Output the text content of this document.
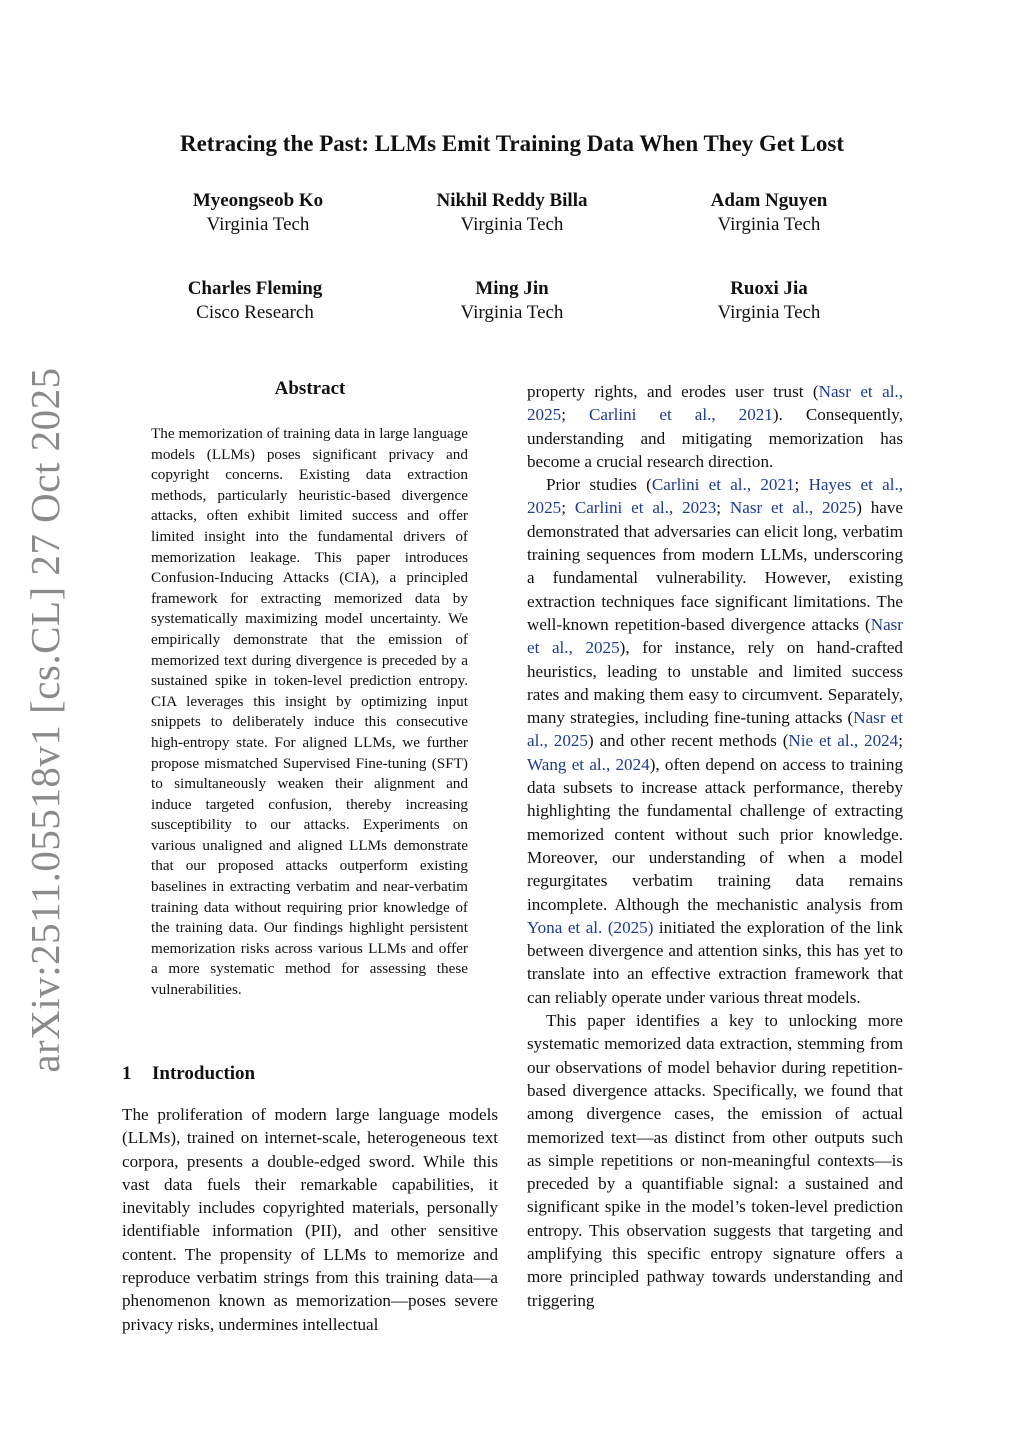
arXiv:2511.05518v1 [cs.CL] 27 Oct 2025
Retracing the Past: LLMs Emit Training Data When They Get Lost
Myeongseob Ko
Virginia Tech
Nikhil Reddy Billa
Virginia Tech
Adam Nguyen
Virginia Tech
Charles Fleming
Cisco Research
Ming Jin
Virginia Tech
Ruoxi Jia
Virginia Tech
Abstract
The memorization of training data in large language models (LLMs) poses significant privacy and copyright concerns. Existing data extraction methods, particularly heuristic-based divergence attacks, often exhibit limited success and offer limited insight into the fundamental drivers of memorization leakage. This paper introduces Confusion-Inducing Attacks (CIA), a principled framework for extracting memorized data by systematically maximizing model uncertainty. We empirically demonstrate that the emission of memorized text during divergence is preceded by a sustained spike in token-level prediction entropy. CIA leverages this insight by optimizing input snippets to deliberately induce this consecutive high-entropy state. For aligned LLMs, we further propose mismatched Supervised Fine-tuning (SFT) to simultaneously weaken their alignment and induce targeted confusion, thereby increasing susceptibility to our attacks. Experiments on various unaligned and aligned LLMs demonstrate that our proposed attacks outperform existing baselines in extracting verbatim and near-verbatim training data without requiring prior knowledge of the training data. Our findings highlight persistent memorization risks across various LLMs and offer a more systematic method for assessing these vulnerabilities.
1 Introduction
The proliferation of modern large language models (LLMs), trained on internet-scale, heterogeneous text corpora, presents a double-edged sword. While this vast data fuels their remarkable capabilities, it inevitably includes copyrighted materials, personally identifiable information (PII), and other sensitive content. The propensity of LLMs to memorize and reproduce verbatim strings from this training data—a phenomenon known as memorization—poses severe privacy risks, undermines intellectual

property rights, and erodes user trust (Nasr et al., 2025; Carlini et al., 2021). Consequently, understanding and mitigating memorization has become a crucial research direction.

Prior studies (Carlini et al., 2021; Hayes et al., 2025; Carlini et al., 2023; Nasr et al., 2025) have demonstrated that adversaries can elicit long, verbatim training sequences from modern LLMs, underscoring a fundamental vulnerability. However, existing extraction techniques face significant limitations. The well-known repetition-based divergence attacks (Nasr et al., 2025), for instance, rely on hand-crafted heuristics, leading to unstable and limited success rates and making them easy to circumvent. Separately, many strategies, including fine-tuning attacks (Nasr et al., 2025) and other recent methods (Nie et al., 2024; Wang et al., 2024), often depend on access to training data subsets to increase attack performance, thereby highlighting the fundamental challenge of extracting memorized content without such prior knowledge. Moreover, our understanding of when a model regurgitates verbatim training data remains incomplete. Although the mechanistic analysis from Yona et al. (2025) initiated the exploration of the link between divergence and attention sinks, this has yet to translate into an effective extraction framework that can reliably operate under various threat models.

This paper identifies a key to unlocking more systematic memorized data extraction, stemming from our observations of model behavior during repetition-based divergence attacks. Specifically, we found that among divergence cases, the emission of actual memorized text—as distinct from other outputs such as simple repetitions or non-meaningful contexts—is preceded by a quantifiable signal: a sustained and significant spike in the model’s token-level prediction entropy. This observation suggests that targeting and amplifying this specific entropy signature offers a more principled pathway towards understanding and triggering
